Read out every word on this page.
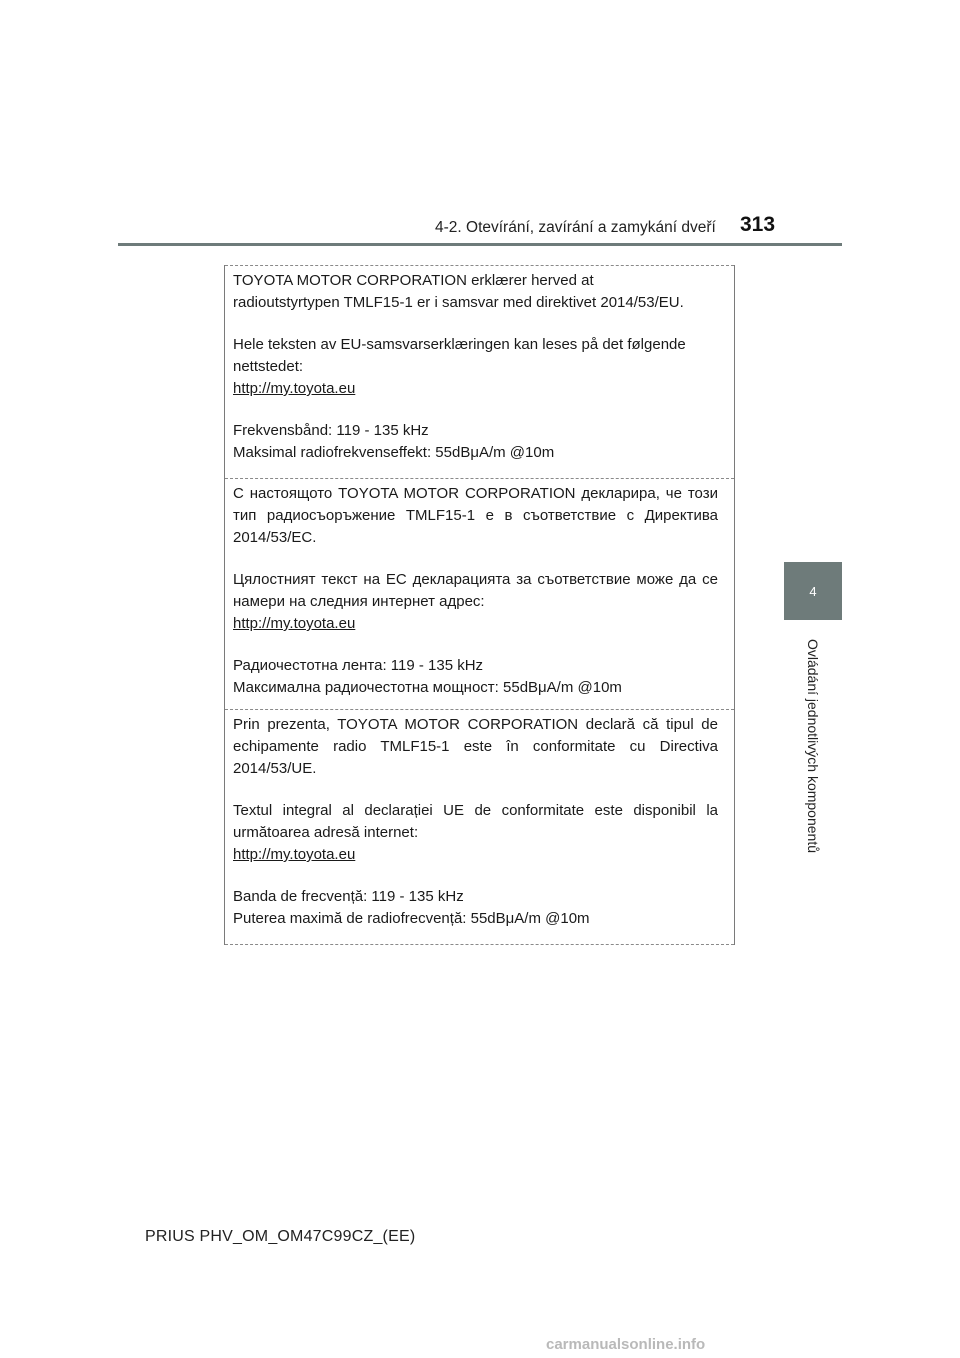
4-2. Otevírání, zavírání a zamykání dveří 313
4
Ovládání jednotlivých komponentů

TOYOTA MOTOR CORPORATION erklærer herved at

radioutstyrtypen TMLF15-1 er i samsvar med direktivet 2014/53/EU.

Hele teksten av EU-samsvarserklæringen kan leses på det følgende

nettstedet:

http://my.toyota.eu

Frekvensbånd: 119 - 135 kHz

Maksimal radiofrekvenseffekt: 55dBμA/m @10m

С настоящото TOYOTA MOTOR CORPORATION декларира, че този тип радиосъоръжение TMLF15-1 е в съответствие с Директива 2014/53/ЕС.

Цялостният текст на ЕС декларацията за съответствие може да се намери на следния интернет адрес:

http://my.toyota.eu

Радиочестотна лента: 119 - 135 kHz

Максимална радиочестотна мощност: 55dBμA/m @10m

Prin prezenta, TOYOTA MOTOR CORPORATION declară că tipul de echipamente radio TMLF15-1 este în conformitate cu Directiva 2014/53/UE.

Textul integral al declarației UE de conformitate este disponibil la următoarea adresă internet:

http://my.toyota.eu

Banda de frecvență: 119 - 135 kHz

Puterea maximă de radiofrecvență: 55dBμA/m @10m

PRIUS PHV_OM_OM47C99CZ_(EE)
carmanualsonline.info
